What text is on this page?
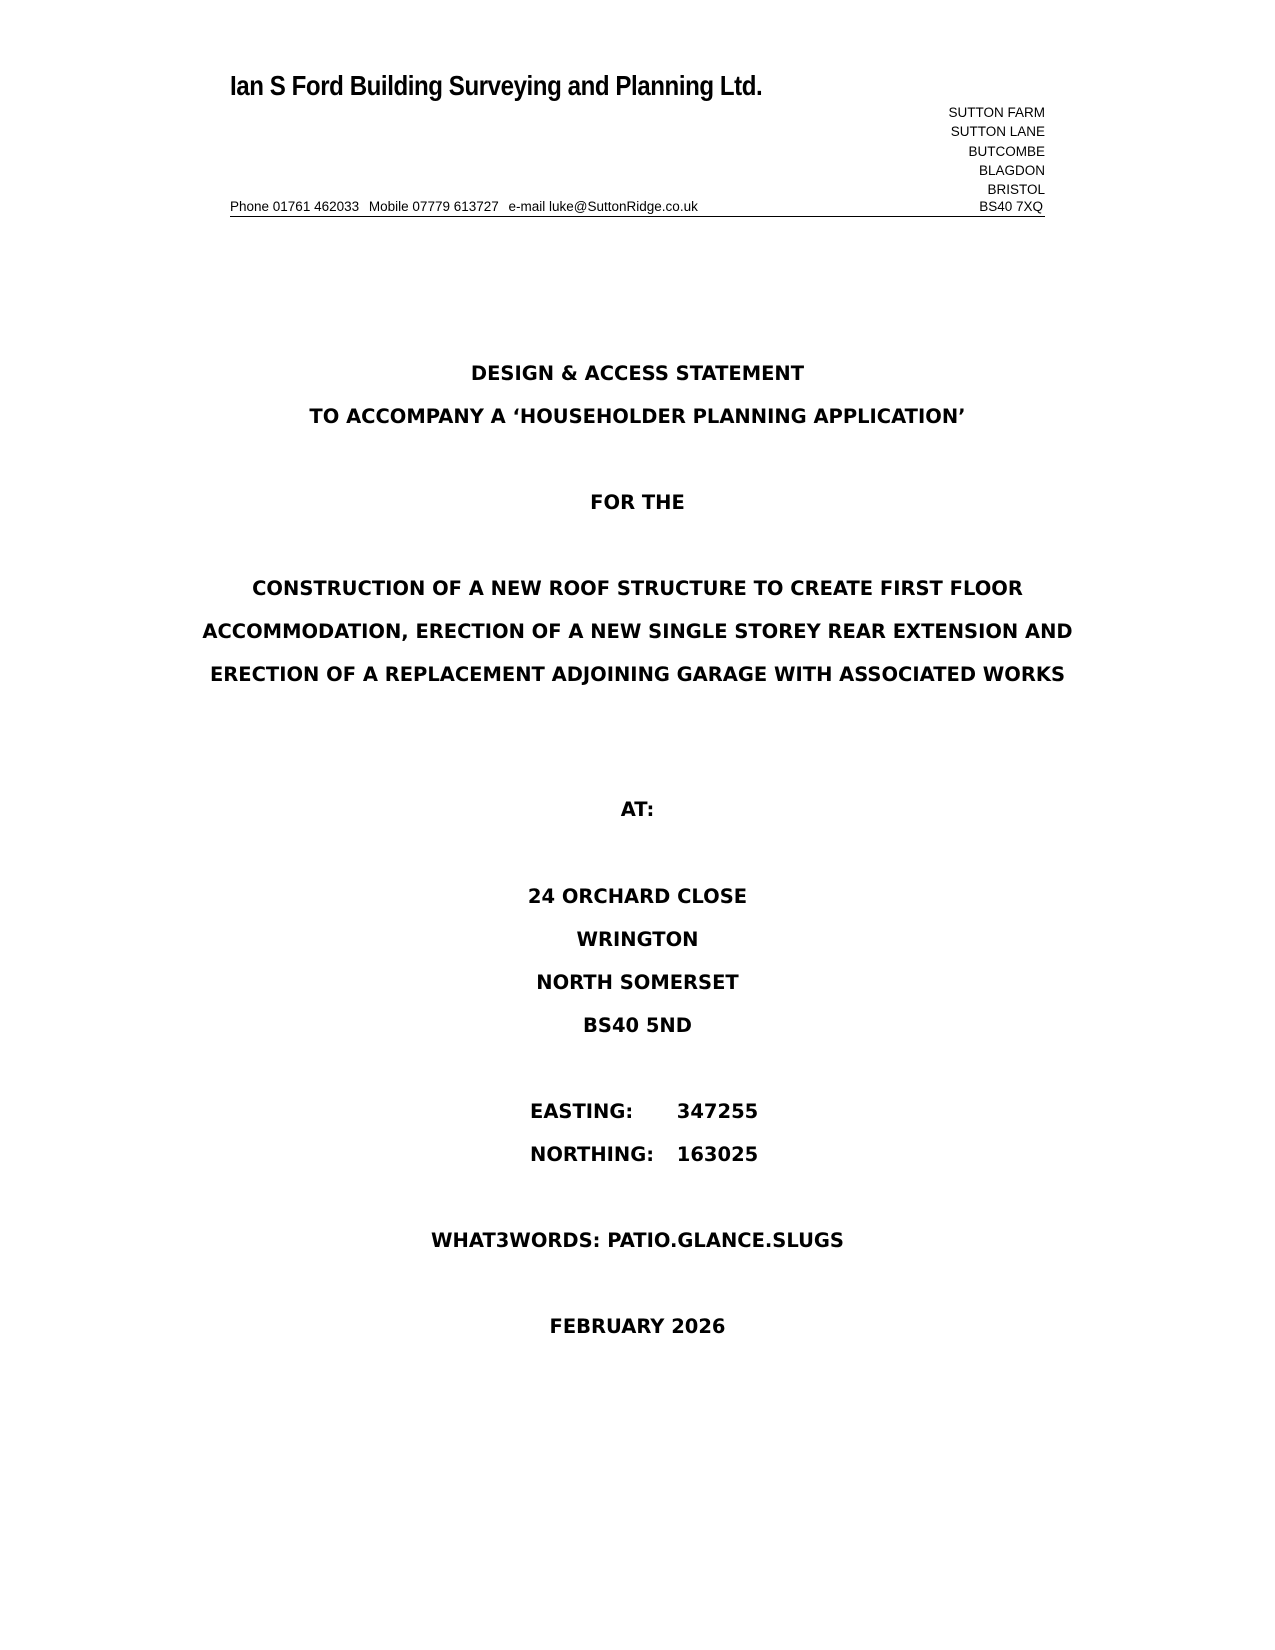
Ian S Ford Building Surveying and Planning Ltd.
SUTTON FARM
SUTTON LANE
BUTCOMBE
BLAGDON
BRISTOL
Phone 01761 462033 Mobile 07779 613727 e-mail luke@SuttonRidge.co.uk	BS40 7XQ
DESIGN & ACCESS STATEMENT
TO ACCOMPANY A ‘HOUSEHOLDER PLANNING APPLICATION’
FOR THE
CONSTRUCTION OF A NEW ROOF STRUCTURE TO CREATE FIRST FLOOR
ACCOMMODATION, ERECTION OF A NEW SINGLE STOREY REAR EXTENSION AND
ERECTION OF A REPLACEMENT ADJOINING GARAGE WITH ASSOCIATED WORKS
AT:
24 ORCHARD CLOSE
WRINGTON
NORTH SOMERSET
BS40 5ND
EASTING: 347255
NORTHING: 163025
WHAT3WORDS: PATIO.GLANCE.SLUGS
FEBRUARY 2026
